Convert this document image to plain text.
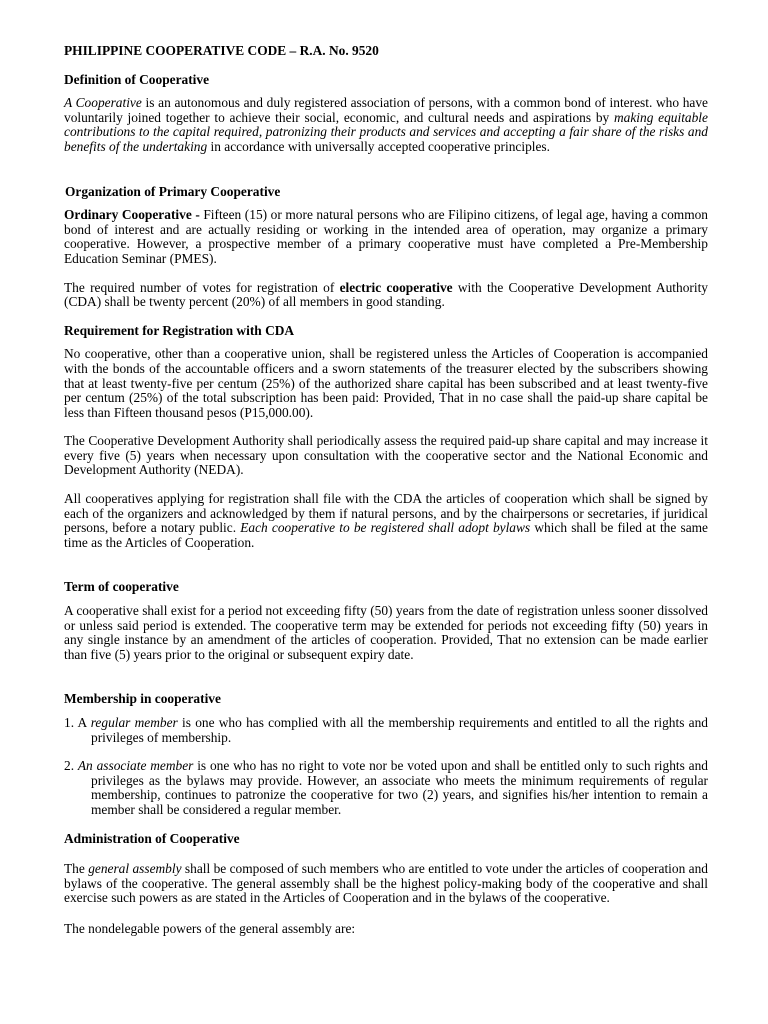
PHILIPPINE COOPERATIVE CODE – R.A. No. 9520
Definition of Cooperative

A Cooperative is an autonomous and duly registered association of persons, with a common bond of interest. who have voluntarily joined together to achieve their social, economic, and cultural needs and aspirations by making equitable contributions to the capital required, patronizing their products and services and accepting a fair share of the risks and benefits of the undertaking in accordance with universally accepted cooperative principles.

Organization of Primary Cooperative

Ordinary Cooperative - Fifteen (15) or more natural persons who are Filipino citizens, of legal age, having a common bond of interest and are actually residing or working in the intended area of operation, may organize a primary cooperative. However, a prospective member of a primary cooperative must have completed a Pre-Membership Education Seminar (PMES).

The required number of votes for registration of electric cooperative with the Cooperative Development Authority (CDA) shall be twenty percent (20%) of all members in good standing.

Requirement for Registration with CDA

No cooperative, other than a cooperative union, shall be registered unless the Articles of Cooperation is accompanied with the bonds of the accountable officers and a sworn statements of the treasurer elected by the subscribers showing that at least twenty-five per centum (25%) of the authorized share capital has been subscribed and at least twenty-five per centum (25%) of the total subscription has been paid: Provided, That in no case shall the paid-up share capital be less than Fifteen thousand pesos (P15,000.00).

The Cooperative Development Authority shall periodically assess the required paid-up share capital and may increase it every five (5) years when necessary upon consultation with the cooperative sector and the National Economic and Development Authority (NEDA).

All cooperatives applying for registration shall file with the CDA the articles of cooperation which shall be signed by each of the organizers and acknowledged by them if natural persons, and by the chairpersons or secretaries, if juridical persons, before a notary public. Each cooperative to be registered shall adopt bylaws which shall be filed at the same time as the Articles of Cooperation.

Term of cooperative

A cooperative shall exist for a period not exceeding fifty (50) years from the date of registration unless sooner dissolved or unless said period is extended. The cooperative term may be extended for periods not exceeding fifty (50) years in any single instance by an amendment of the articles of cooperation. Provided, That no extension can be made earlier than five (5) years prior to the original or subsequent expiry date.

Membership in cooperative

1. A regular member is one who has complied with all the membership requirements and entitled to all the rights and privileges of membership.

2. An associate member is one who has no right to vote nor be voted upon and shall be entitled only to such rights and privileges as the bylaws may provide. However, an associate who meets the minimum requirements of regular membership, continues to patronize the cooperative for two (2) years, and signifies his/her intention to remain a member shall be considered a regular member.

Administration of Cooperative

The general assembly shall be composed of such members who are entitled to vote under the articles of cooperation and bylaws of the cooperative. The general assembly shall be the highest policy-making body of the cooperative and shall exercise such powers as are stated in the Articles of Cooperation and in the bylaws of the cooperative.

The nondelegable powers of the general assembly are:
